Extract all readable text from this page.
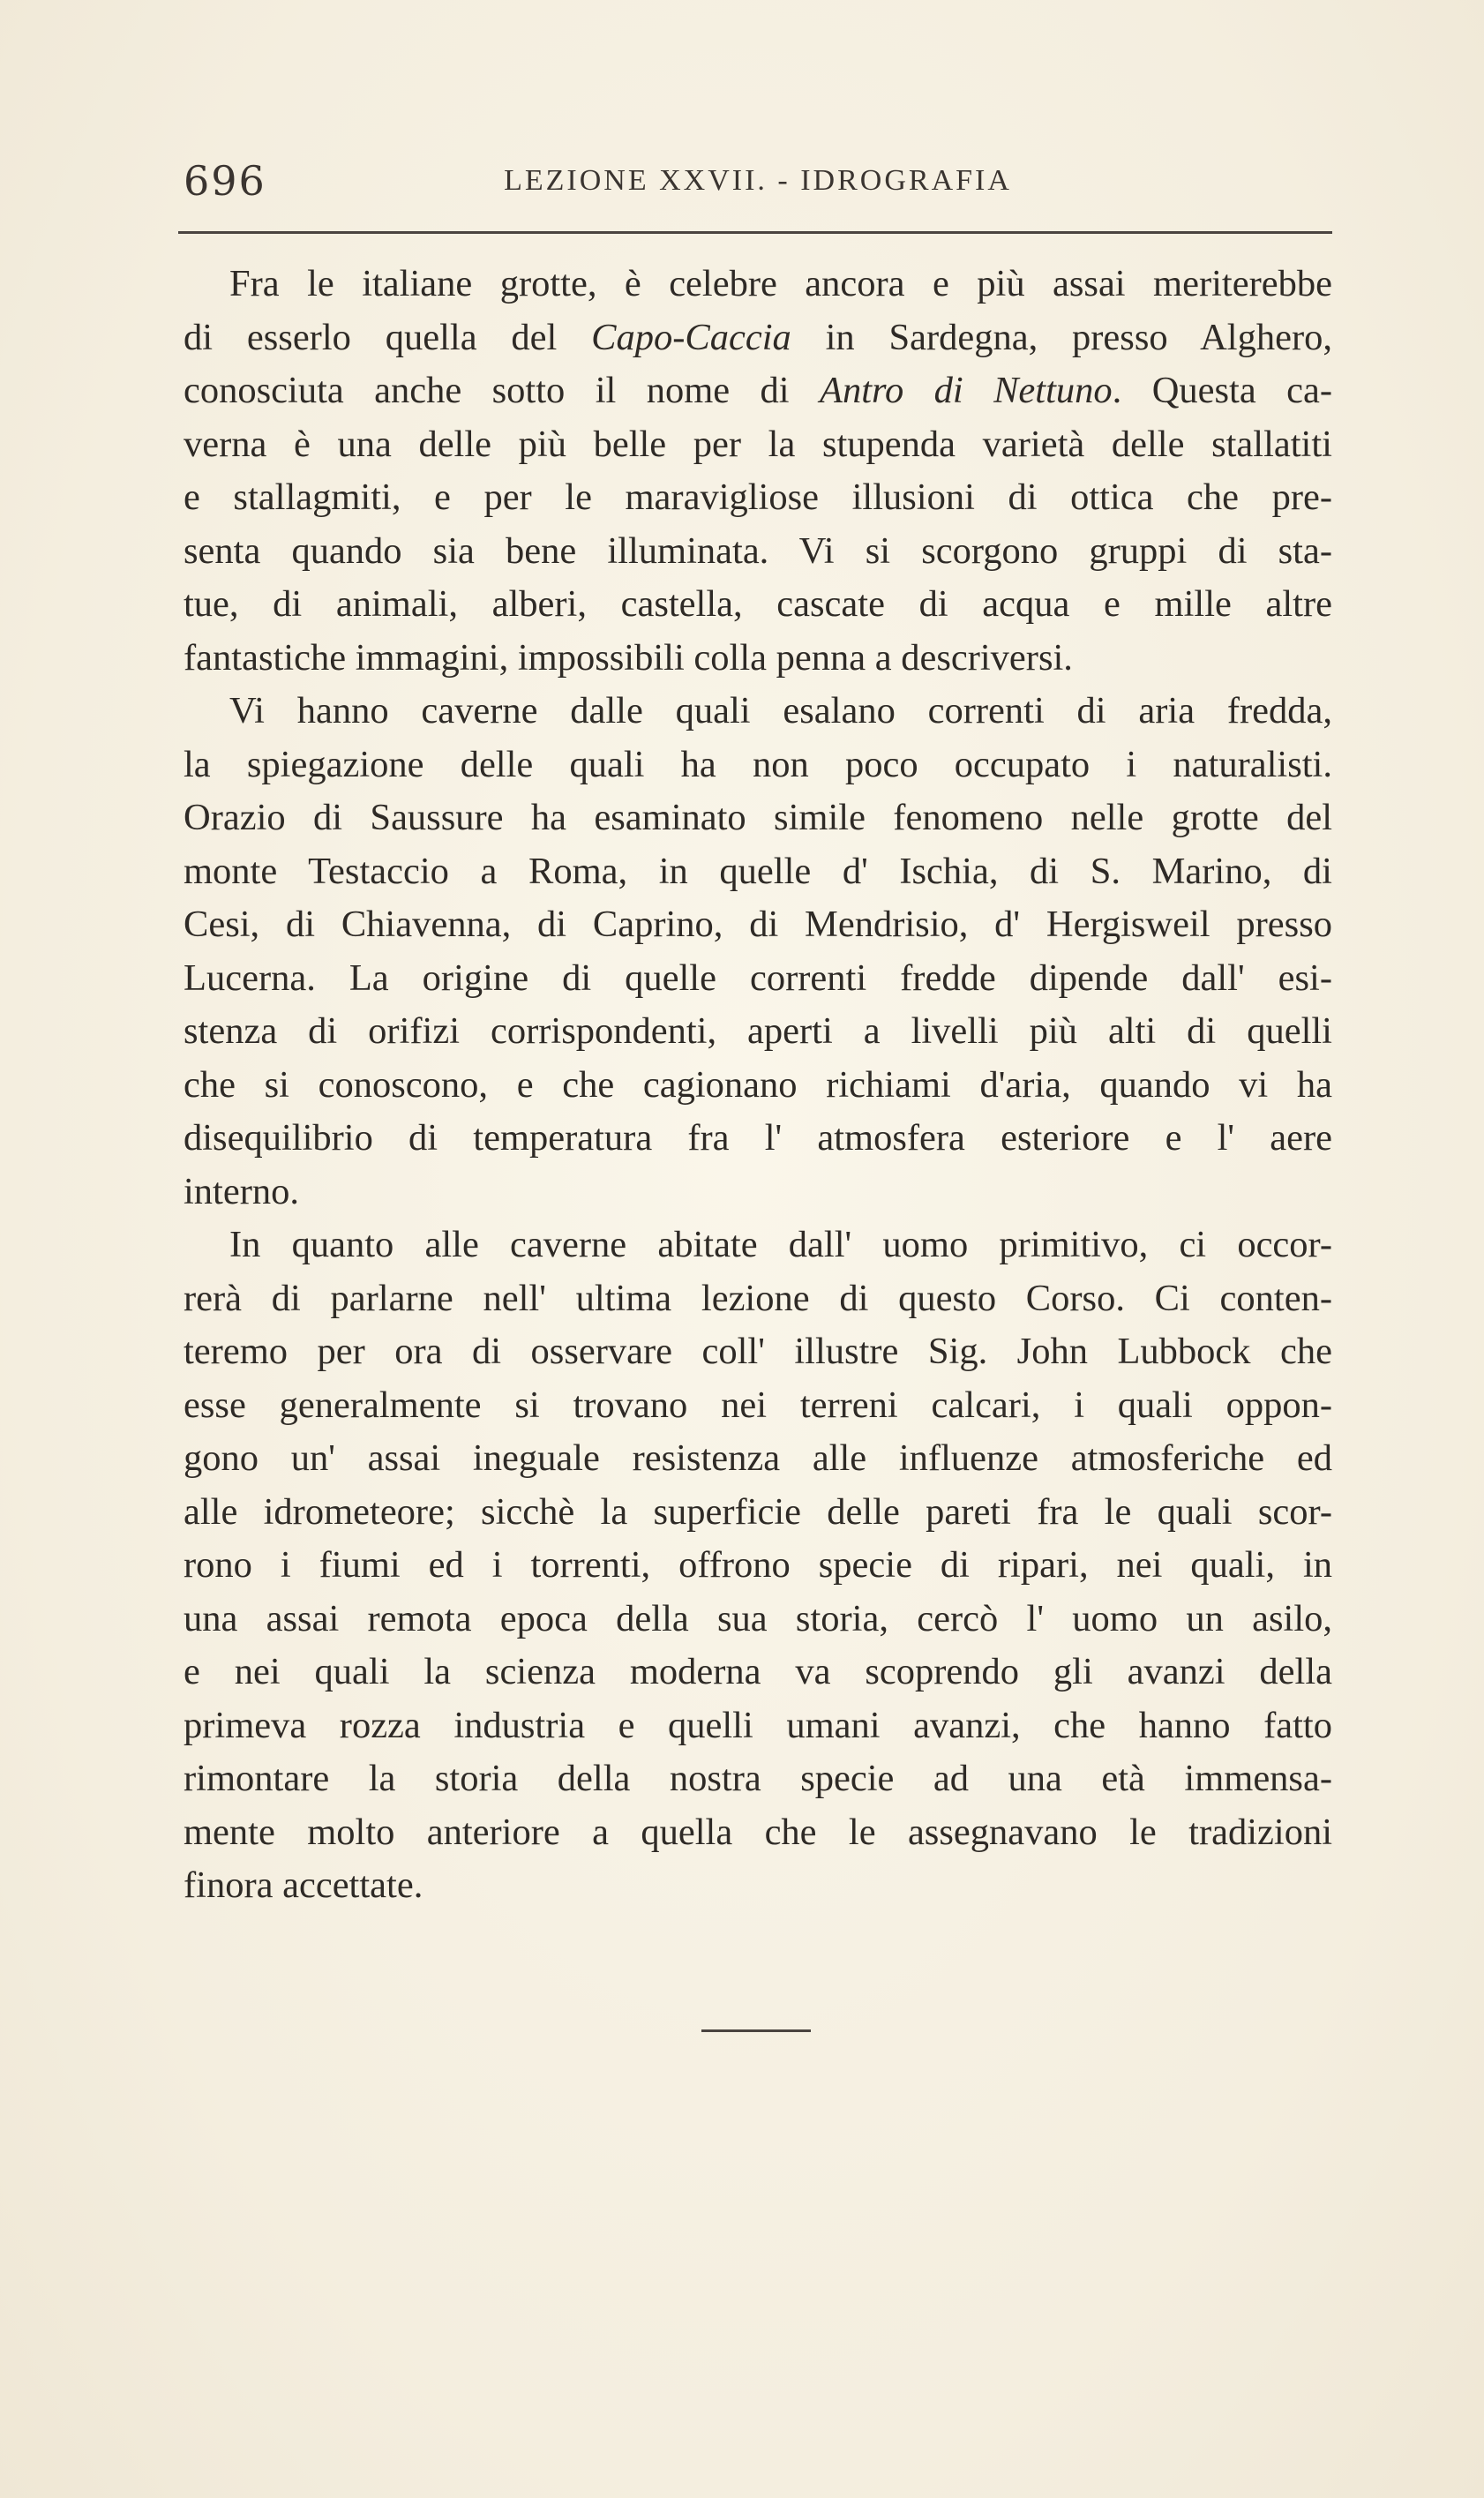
696	LEZIONE XXVII. - IDROGRAFIA
Fra le italiane grotte, è celebre ancora e più assai meriterebbe
di esserlo quella del Capo-Caccia in Sardegna, presso Alghero,
conosciuta anche sotto il nome di Antro di Nettuno. Questa ca-
verna è una delle più belle per la stupenda varietà delle stallatiti
e stallagmiti, e per le maravigliose illusioni di ottica che pre-
senta quando sia bene illuminata. Vi si scorgono gruppi di sta-
tue, di animali, alberi, castella, cascate di acqua e mille altre
fantastiche immagini, impossibili colla penna a descriversi.
Vi hanno caverne dalle quali esalano correnti di aria fredda,
la spiegazione delle quali ha non poco occupato i naturalisti.
Orazio di Saussure ha esaminato simile fenomeno nelle grotte del
monte Testaccio a Roma, in quelle d' Ischia, di S. Marino, di
Cesi, di Chiavenna, di Caprino, di Mendrisio, d' Hergisweil presso
Lucerna. La origine di quelle correnti fredde dipende dall' esi-
stenza di orifizi corrispondenti, aperti a livelli più alti di quelli
che si conoscono, e che cagionano richiami d'aria, quando vi ha
disequilibrio di temperatura fra l' atmosfera esteriore e l' aere
interno.
In quanto alle caverne abitate dall' uomo primitivo, ci occor-
rerà di parlarne nell' ultima lezione di questo Corso. Ci conten-
teremo per ora di osservare coll' illustre Sig. John Lubbock che
esse generalmente si trovano nei terreni calcari, i quali oppon-
gono un' assai ineguale resistenza alle influenze atmosferiche ed
alle idrometeore; sicchè la superficie delle pareti fra le quali scor-
rono i fiumi ed i torrenti, offrono specie di ripari, nei quali, in
una assai remota epoca della sua storia, cercò l' uomo un asilo,
e nei quali la scienza moderna va scoprendo gli avanzi della
primeva rozza industria e quelli umani avanzi, che hanno fatto
rimontare la storia della nostra specie ad una età immensa-
mente molto anteriore a quella che le assegnavano le tradizioni
finora accettate.
